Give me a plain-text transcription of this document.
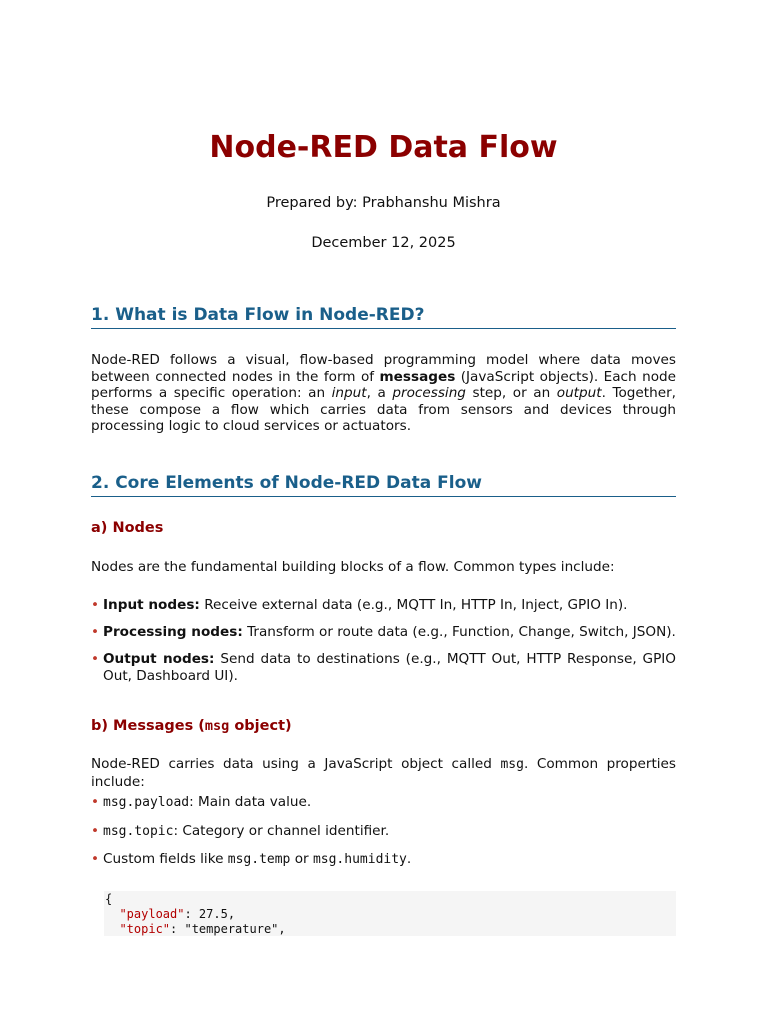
Node-RED Data Flow
Prepared by: Prabhanshu Mishra
December 12, 2025
1. What is Data Flow in Node-RED?

Node-RED follows a visual, flow-based programming model where data moves between connected nodes in the form of messages (JavaScript objects). Each node performs a specific operation: an input, a processing step, or an output. Together, these compose a flow which carries data from sensors and devices through processing logic to cloud services or actuators.

2. Core Elements of Node-RED Data Flow
a) Nodes

Nodes are the fundamental building blocks of a flow. Common types include:

• Input nodes: Receive external data (e.g., MQTT In, HTTP In, Inject, GPIO In).
• Processing nodes: Transform or route data (e.g., Function, Change, Switch, JSON).
• Output nodes: Send data to destinations (e.g., MQTT Out, HTTP Response, GPIO Out, Dashboard UI).
b) Messages (msg object)

Node-RED carries data using a JavaScript object called msg. Common properties include:

• msg.payload: Main data value.
• msg.topic: Category or channel identifier.
• Custom fields like msg.temp or msg.humidity.
{
"payload": 27.5,
"topic": "temperature",
